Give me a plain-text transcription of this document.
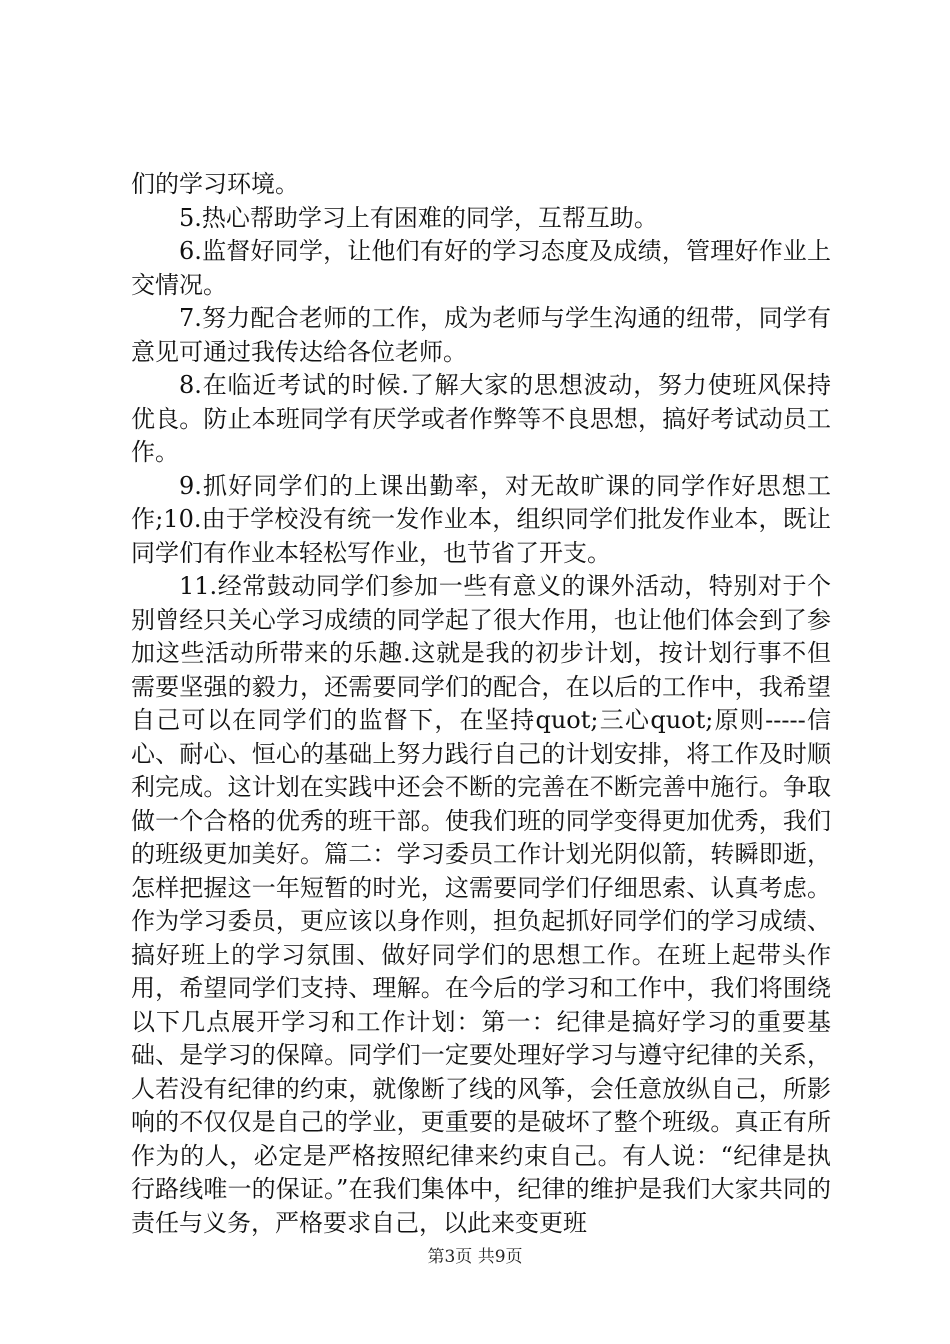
们的学习环境。

5.热心帮助学习上有困难的同学，互帮互助。

6.监督好同学，让他们有好的学习态度及成绩，管理好作业上交情况。

7.努力配合老师的工作，成为老师与学生沟通的纽带，同学有意见可通过我传达给各位老师。

8.在临近考试的时候.了解大家的思想波动，努力使班风保持优良。防止本班同学有厌学或者作弊等不良思想，搞好考试动员工作。

9.抓好同学们的上课出勤率，对无故旷课的同学作好思想工作;10.由于学校没有统一发作业本，组织同学们批发作业本，既让同学们有作业本轻松写作业，也节省了开支。

11.经常鼓动同学们参加一些有意义的课外活动，特别对于个别曾经只关心学习成绩的同学起了很大作用，也让他们体会到了参加这些活动所带来的乐趣.这就是我的初步计划，按计划行事不但需要坚强的毅力，还需要同学们的配合，在以后的工作中，我希望自己可以在同学们的监督下，在坚持quot;三心quot;原则-----信心、耐心、恒心的基础上努力践行自己的计划安排，将工作及时顺利完成。这计划在实践中还会不断的完善在不断完善中施行。争取做一个合格的优秀的班干部。使我们班的同学变得更加优秀，我们的班级更加美好。篇二：学习委员工作计划光阴似箭，转瞬即逝，怎样把握这一年短暂的时光，这需要同学们仔细思索、认真考虑。作为学习委员，更应该以身作则，担负起抓好同学们的学习成绩、搞好班上的学习氛围、做好同学们的思想工作。在班上起带头作用，希望同学们支持、理解。在今后的学习和工作中，我们将围绕以下几点展开学习和工作计划：第一：纪律是搞好学习的重要基础、是学习的保障。同学们一定要处理好学习与遵守纪律的关系，人若没有纪律的约束，就像断了线的风筝，会任意放纵自己，所影响的不仅仅是自己的学业，更重要的是破坏了整个班级。真正有所作为的人，必定是严格按照纪律来约束自己。有人说：“纪律是执行路线唯一的保证。”在我们集体中，纪律的维护是我们大家共同的责任与义务，严格要求自己，以此来变更班

第3页 共9页
